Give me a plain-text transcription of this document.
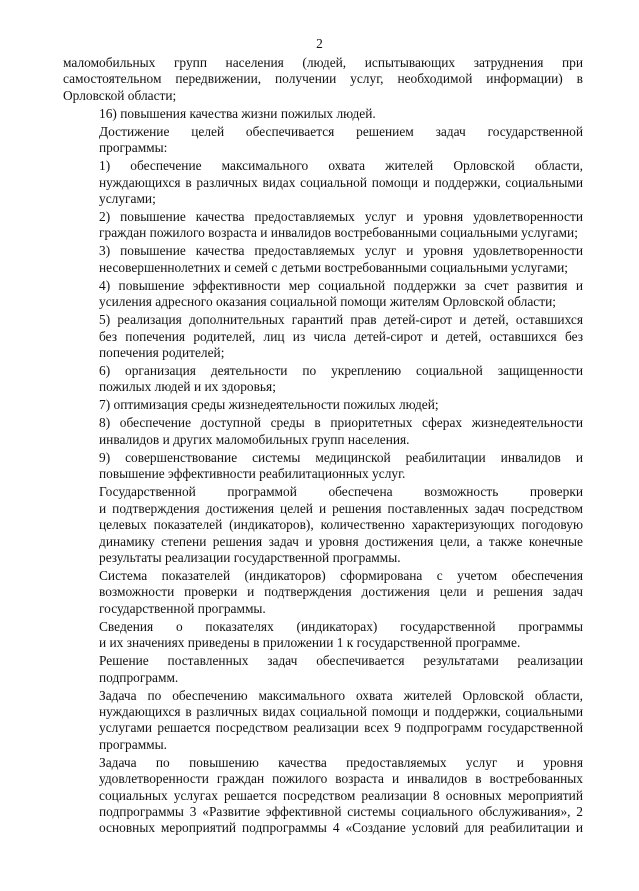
2
маломобильных групп населения (людей, испытывающих затруднения при
самостоятельном передвижении, получении услуг, необходимой информации) в
Орловской области;
16) повышения качества жизни пожилых людей.
Достижение целей обеспечивается решением задач государственной
программы:
1) обеспечение максимального охвата жителей Орловской области,
нуждающихся в различных видах социальной помощи и поддержки, социальными
услугами;
2) повышение качества предоставляемых услуг и уровня удовлетворенности
граждан пожилого возраста и инвалидов востребованными социальными услугами;
3) повышение качества предоставляемых услуг и уровня удовлетворенности
несовершеннолетних и семей с детьми востребованными социальными услугами;
4) повышение эффективности мер социальной поддержки за счет развития и
усиления адресного оказания социальной помощи жителям Орловской области;
5) реализация дополнительных гарантий прав детей-сирот и детей, оставшихся
без попечения родителей, лиц из числа детей-сирот и детей, оставшихся без
попечения родителей;
6) организация деятельности по укреплению социальной защищенности
пожилых людей и их здоровья;
7) оптимизация среды жизнедеятельности пожилых людей;
8) обеспечение доступной среды в приоритетных сферах жизнедеятельности
инвалидов и других маломобильных групп населения.
9) совершенствование системы медицинской реабилитации инвалидов и
повышение эффективности реабилитационных услуг.
Государственной программой обеспечена возможность проверки
и подтверждения достижения целей и решения поставленных задач посредством
целевых показателей (индикаторов), количественно характеризующих погодовую
динамику степени решения задач и уровня достижения цели, а также конечные
результаты реализации государственной программы.
Система показателей (индикаторов) сформирована с учетом обеспечения
возможности проверки и подтверждения достижения цели и решения задач
государственной программы.
Сведения о показателях (индикаторах) государственной программы
и их значениях приведены в приложении 1 к государственной программе.
Решение поставленных задач обеспечивается результатами реализации
подпрограмм.
Задача по обеспечению максимального охвата жителей Орловской области,
нуждающихся в различных видах социальной помощи и поддержки, социальными
услугами решается посредством реализации всех 9 подпрограмм государственной
программы.
Задача по повышению качества предоставляемых услуг и уровня
удовлетворенности граждан пожилого возраста и инвалидов в востребованных
социальных услугах решается посредством реализации 8 основных мероприятий
подпрограммы 3 «Развитие эффективной системы социального обслуживания», 2
основных мероприятий подпрограммы 4 «Создание условий для реабилитации и
